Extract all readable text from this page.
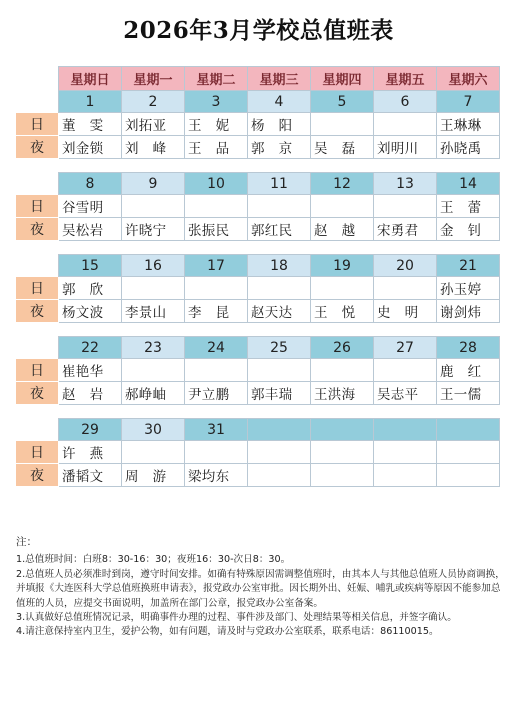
2026年3月学校总值班表
	星期日	星期一	星期二	星期三	星期四	星期五	星期六
	1	2	3	4	5	6	7
日	董　雯	刘拓亚	王　妮	杨　阳			王琳琳
夜	刘金锁	刘　峰	王　品	郭　京	吴　磊	刘明川	孙晓禹

	8	9	10	11	12	13	14
日	谷雪明						王　蕾
夜	吴松岩	许晓宁	张振民	郭红民	赵　越	宋勇君	金　钊

	15	16	17	18	19	20	21
日	郭　欣						孙玉婷
夜	杨文波	李景山	李　昆	赵天达	王　悦	史　明	谢剑炜

	22	23	24	25	26	27	28
日	崔艳华						鹿　红
夜	赵　岩	郝峥岫	尹立鹏	郭丰瑞	王洪海	吴志平	王一儒

	29	30	31				
日	许　燕						
夜	潘韬文	周　游	梁均东				
注：
1.总值班时间：白班8：30-16：30；夜班16：30-次日8：30。
2.总值班人员必须准时到岗，遵守时间安排。如确有特殊原因需调整值班时，由其本人与其他总值班人员协商调换，并填报《大连医科大学总值班换班申请表》，报党政办公室审批。因长期外出、妊娠、哺乳或疾病等原因不能参加总值班的人员，应提交书面说明，加盖所在部门公章，报党政办公室备案。
3.认真做好总值班情况记录，明确事件办理的过程、事件涉及部门、处理结果等相关信息，并签字确认。
4.请注意保持室内卫生，爱护公物，如有问题，请及时与党政办公室联系，联系电话：86110015。
